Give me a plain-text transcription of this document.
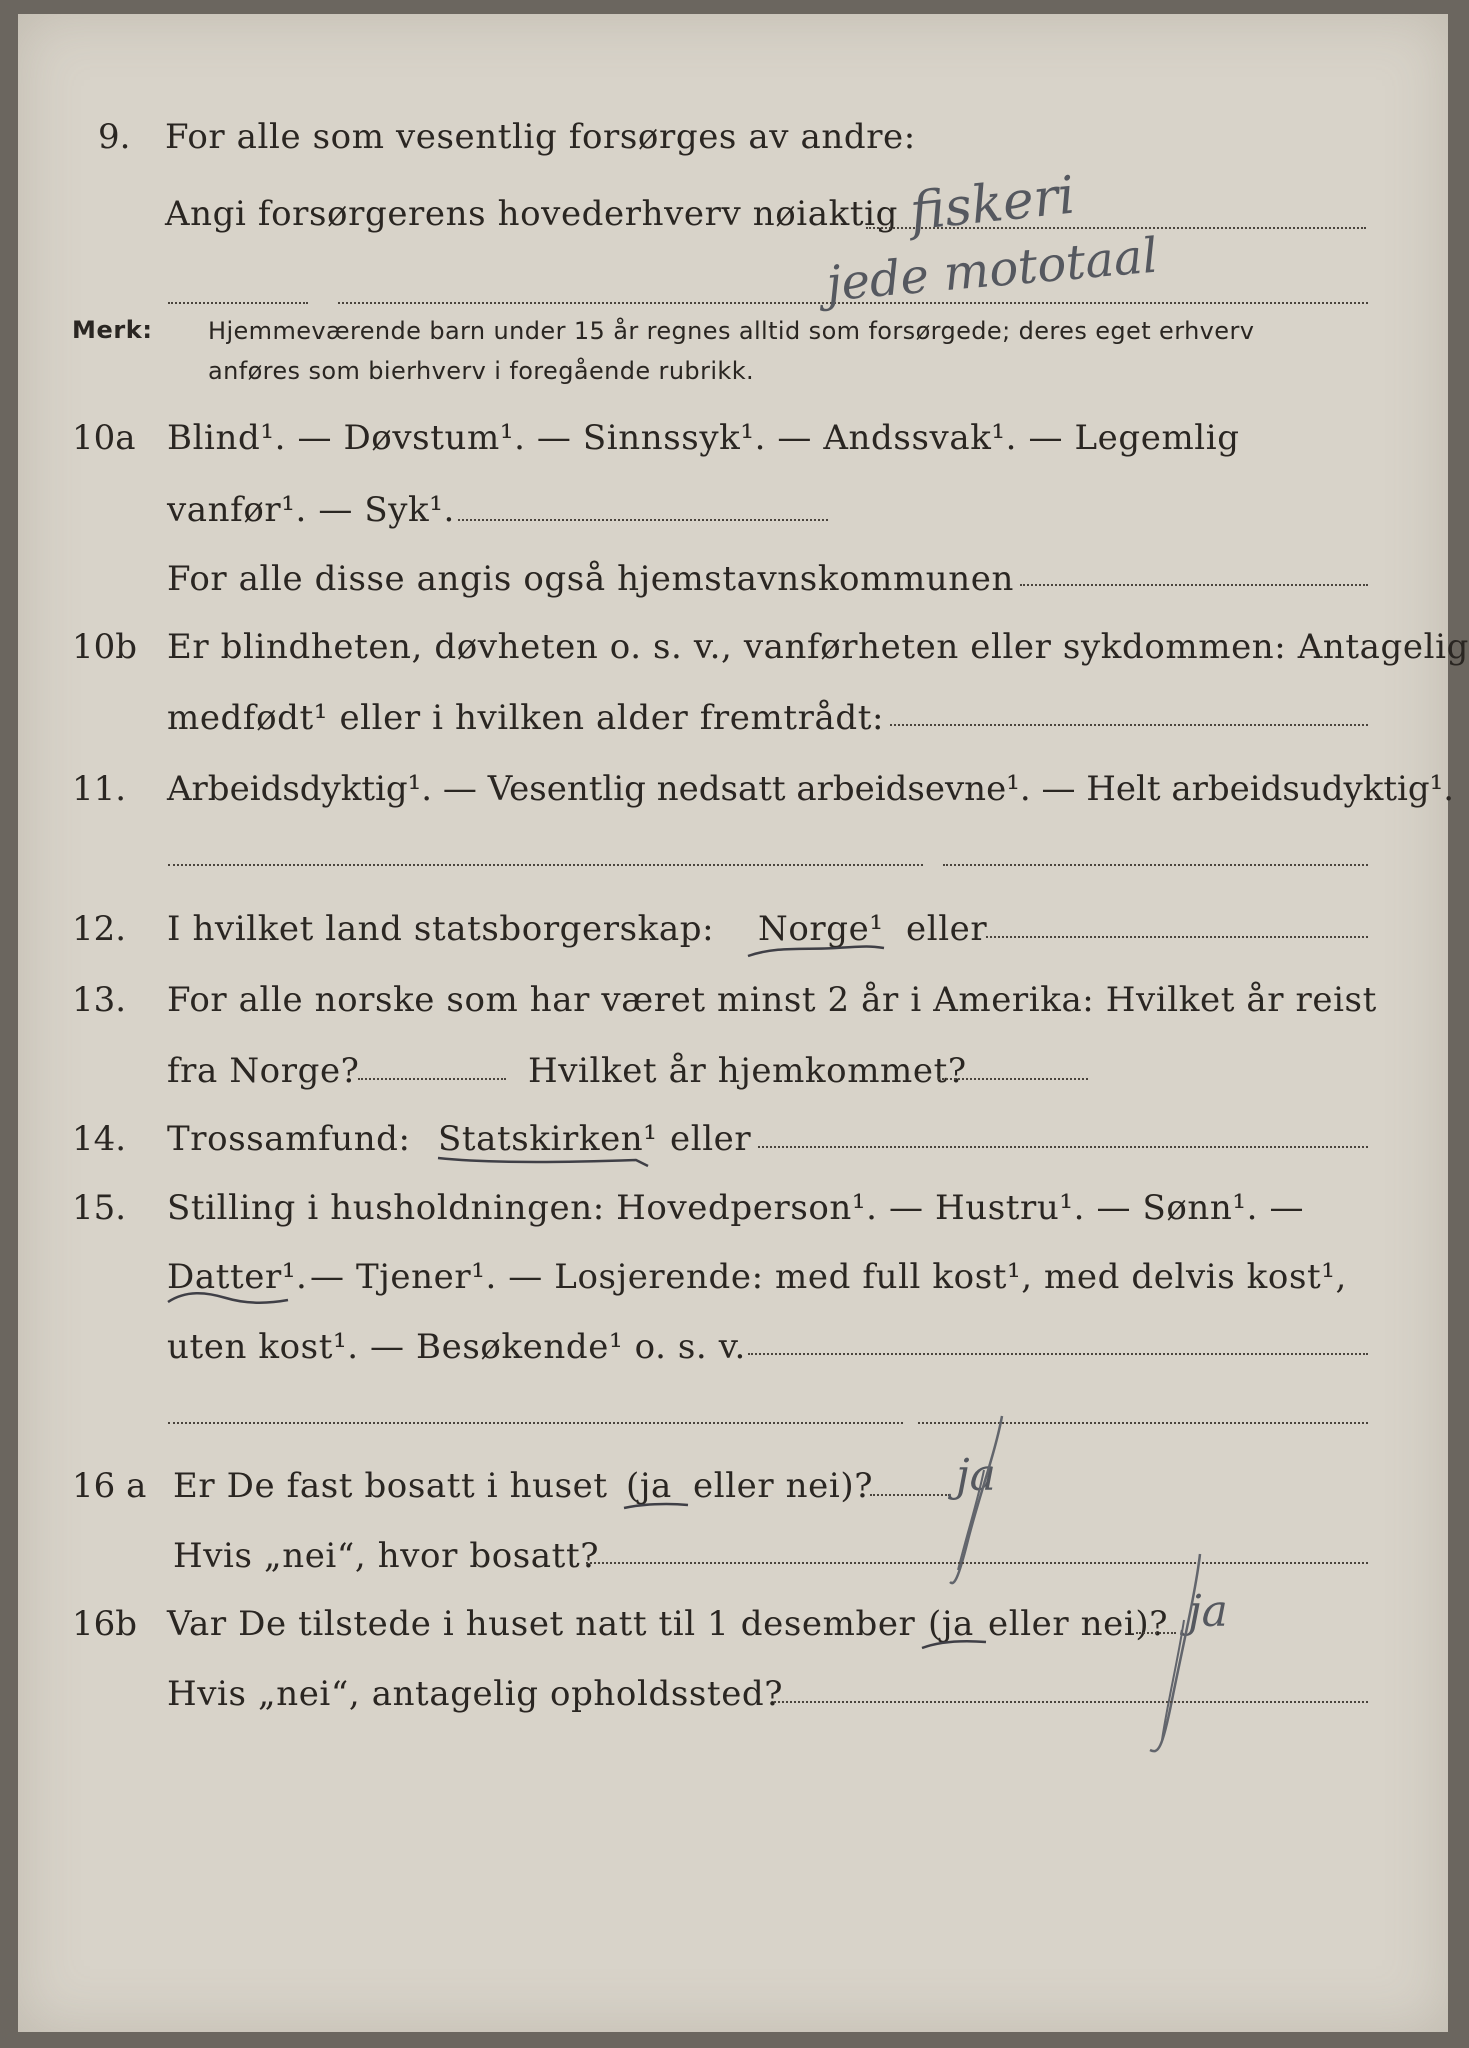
9. For alle som vesentlig forsørges av andre:
Angi forsørgerens hovederhverv nøiaktig fiskeri
jede mototaal
Merk: Hjemmeværende barn under 15 år regnes alltid som forsørgede; deres eget erhverv
anføres som bierhverv i foregående rubrikk.
10a Blind¹. — Døvstum¹. — Sinnssyk¹. — Andssvak¹. — Legemlig
vanfør¹. — Syk¹.
For alle disse angis også hjemstavnskommunen
10b Er blindheten, døvheten o. s. v., vanførheten eller sykdommen: Antagelig
medfødt¹ eller i hvilken alder fremtrådt:
11. Arbeidsdyktig¹. — Vesentlig nedsatt arbeidsevne¹. — Helt arbeidsudyktig¹.
12. I hvilket land statsborgerskap: Norge¹ eller
13. For alle norske som har været minst 2 år i Amerika: Hvilket år reist
fra Norge?	Hvilket år hjemkommet?
14. Trossamfund: Statskirken¹ eller
15. Stilling i husholdningen: Hovedperson¹. — Hustru¹. — Sønn¹. —
Datter¹. — Tjener¹. — Losjerende: med full kost¹, med delvis kost¹,
uten kost¹. — Besøkende¹ o. s. v.
16 a Er De fast bosatt i huset (ja eller nei)? ja
Hvis „nei“, hvor bosatt?
16b Var De tilstede i huset natt til 1 desember (ja eller nei)? ja
Hvis „nei“, antagelig opholdssted?
